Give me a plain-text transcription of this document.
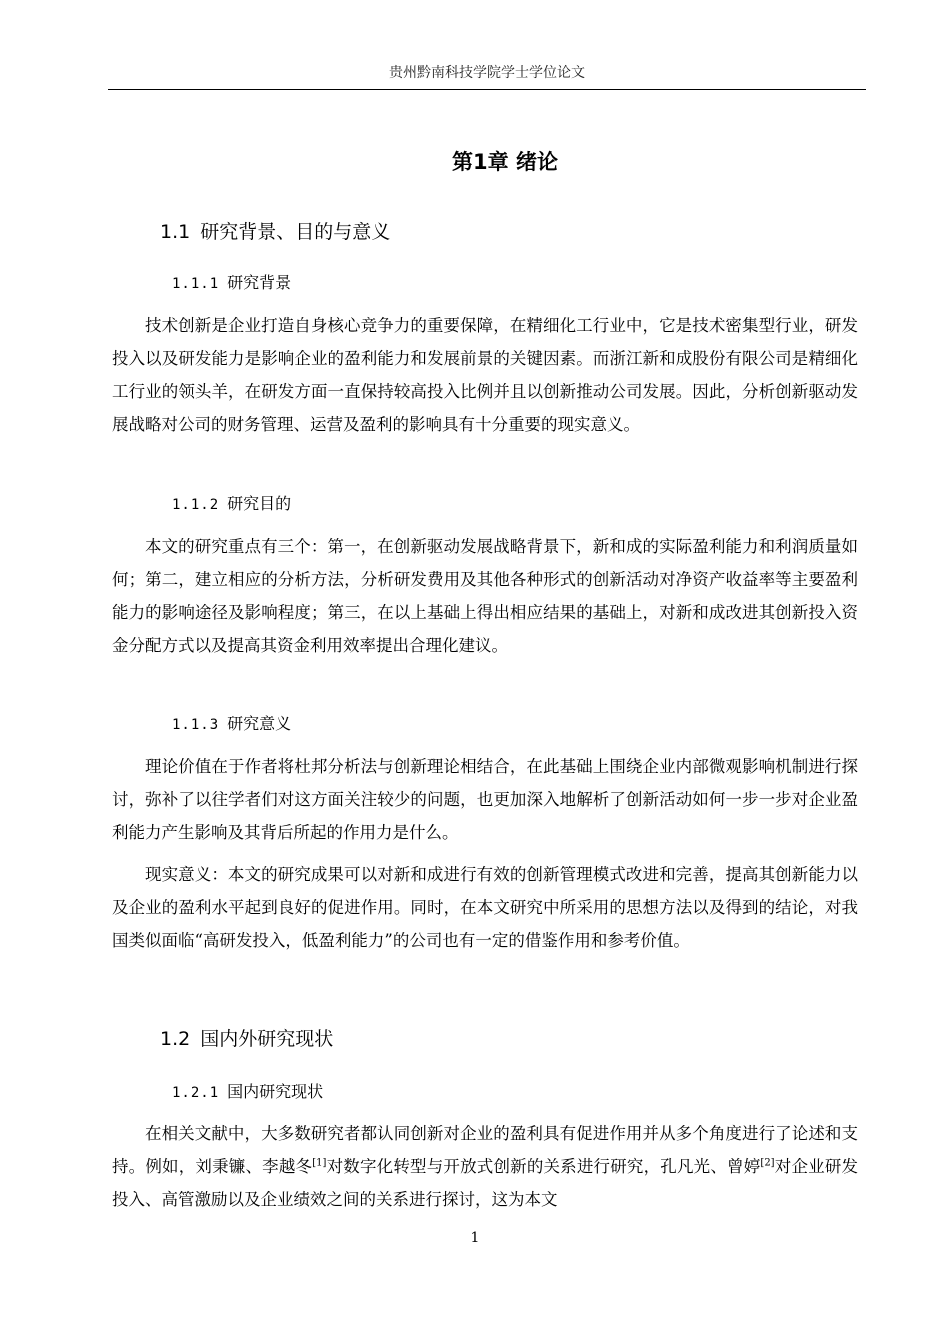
贵州黔南科技学院学士学位论文
第1章 绪论
1.1 研究背景、目的与意义
1.1.1 研究背景

技术创新是企业打造自身核心竞争力的重要保障，在精细化工行业中，它是技术密集型行业，研发投入以及研发能力是影响企业的盈利能力和发展前景的关键因素。而浙江新和成股份有限公司是精细化工行业的领头羊，在研发方面一直保持较高投入比例并且以创新推动公司发展。因此，分析创新驱动发展战略对公司的财务管理、运营及盈利的影响具有十分重要的现实意义。

1.1.2 研究目的

本文的研究重点有三个：第一，在创新驱动发展战略背景下，新和成的实际盈利能力和利润质量如何；第二，建立相应的分析方法，分析研发费用及其他各种形式的创新活动对净资产收益率等主要盈利能力的影响途径及影响程度；第三，在以上基础上得出相应结果的基础上，对新和成改进其创新投入资金分配方式以及提高其资金利用效率提出合理化建议。

1.1.3 研究意义

理论价值在于作者将杜邦分析法与创新理论相结合，在此基础上围绕企业内部微观影响机制进行探讨，弥补了以往学者们对这方面关注较少的问题，也更加深入地解析了创新活动如何一步一步对企业盈利能力产生影响及其背后所起的作用力是什么。

现实意义：本文的研究成果可以对新和成进行有效的创新管理模式改进和完善，提高其创新能力以及企业的盈利水平起到良好的促进作用。同时，在本文研究中所采用的思想方法以及得到的结论，对我国类似面临“高研发投入，低盈利能力”的公司也有一定的借鉴作用和参考价值。

1.2 国内外研究现状
1.2.1 国内研究现状

在相关文献中，大多数研究者都认同创新对企业的盈利具有促进作用并从多个角度进行了论述和支持。例如，刘秉镰、李越冬[1]对数字化转型与开放式创新的关系进行研究，孔凡光、曾婷[2]对企业研发投入、高管激励以及企业绩效之间的关系进行探讨，这为本文

1
